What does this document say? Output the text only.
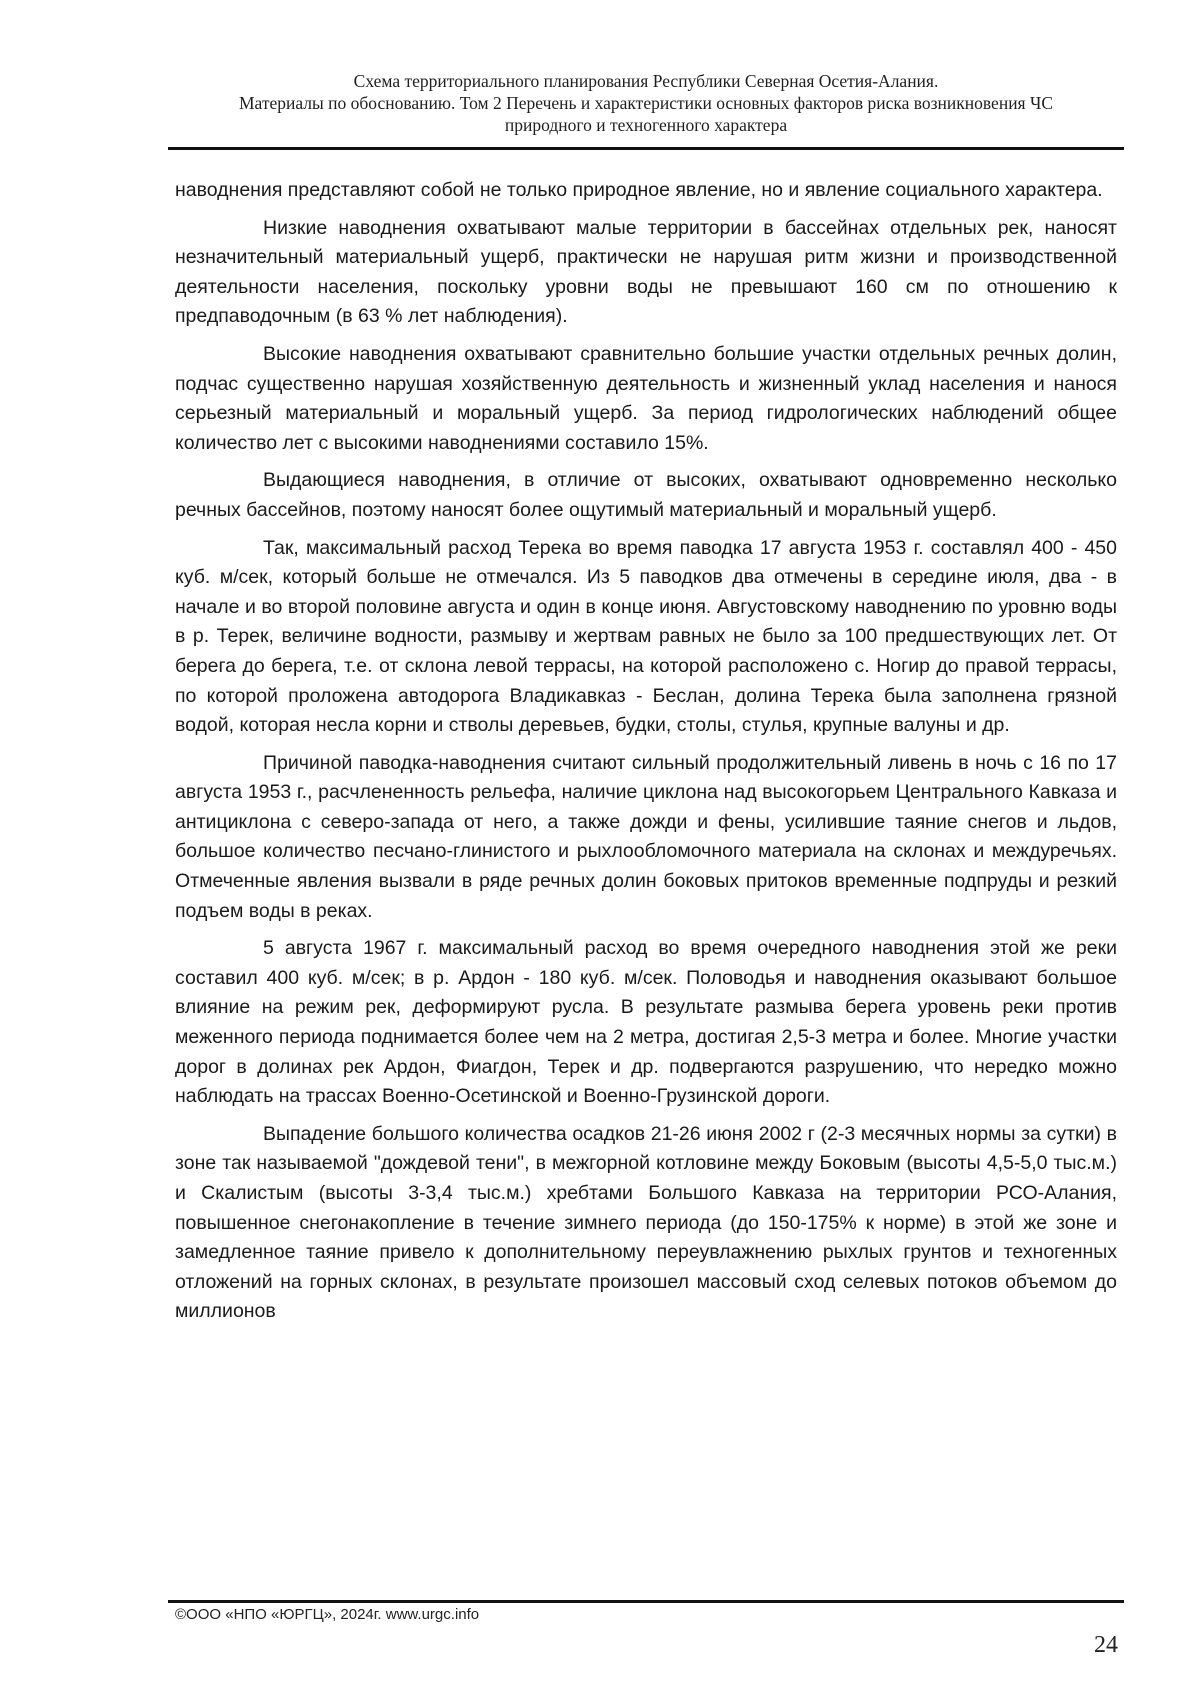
Схема территориального планирования Республики Северная Осетия-Алания.
Материалы по обоснованию. Том 2 Перечень и характеристики основных факторов риска возникновения ЧС
природного и техногенного характера

наводнения представляют собой не только природное явление, но и явление социального характера.

Низкие наводнения охватывают малые территории в бассейнах отдельных рек, наносят незначительный материальный ущерб, практически не нарушая ритм жизни и производственной деятельности населения, поскольку уровни воды не превышают 160 см по отношению к предпаводочным (в 63 % лет наблюдения).

Высокие наводнения охватывают сравнительно большие участки отдельных речных долин, подчас существенно нарушая хозяйственную деятельность и жизненный уклад населения и нанося серьезный материальный и моральный ущерб. За период гидрологических наблюдений общее количество лет с высокими наводнениями составило 15%.

Выдающиеся наводнения, в отличие от высоких, охватывают одновременно несколько речных бассейнов, поэтому наносят более ощутимый материальный и моральный ущерб.

Так, максимальный расход Терека во время паводка 17 августа 1953 г. составлял 400 - 450 куб. м/сек, который больше не отмечался. Из 5 паводков два отмечены в середине июля, два - в начале и во второй половине августа и один в конце июня. Августовскому наводнению по уровню воды в р. Терек, величине водности, размыву и жертвам равных не было за 100 предшествующих лет. От берега до берега, т.е. от склона левой террасы, на которой расположено с. Ногир до правой террасы, по которой проложена автодорога Владикавказ - Беслан, долина Терека была заполнена грязной водой, которая несла корни и стволы деревьев, будки, столы, стулья, крупные валуны и др.

Причиной паводка-наводнения считают сильный продолжительный ливень в ночь с 16 по 17 августа 1953 г., расчлененность рельефа, наличие циклона над высокогорьем Центрального Кавказа и антициклона с северо-запада от него, а также дожди и фены, усилившие таяние снегов и льдов, большое количество песчано-глинистого и рыхлообломочного материала на склонах и междуречьях. Отмеченные явления вызвали в ряде речных долин боковых притоков временные подпруды и резкий подъем воды в реках.

5 августа 1967 г. максимальный расход во время очередного наводнения этой же реки составил 400 куб. м/сек; в р. Ардон - 180 куб. м/сек. Половодья и наводнения оказывают большое влияние на режим рек, деформируют русла. В результате размыва берега уровень реки против меженного периода поднимается более чем на 2 метра, достигая 2,5-3 метра и более. Многие участки дорог в долинах рек Ардон, Фиагдон, Терек и др. подвергаются разрушению, что нередко можно наблюдать на трассах Военно-Осетинской и Военно-Грузинской дороги.

Выпадение большого количества осадков 21-26 июня 2002 г (2-3 месячных нормы за сутки) в зоне так называемой "дождевой тени", в межгорной котловине между Боковым (высоты 4,5-5,0 тыс.м.) и Скалистым (высоты 3-3,4 тыс.м.) хребтами Большого Кавказа на территории РСО-Алания, повышенное снегонакопление в течение зимнего периода (до 150-175% к норме) в этой же зоне и замедленное таяние привело к дополнительному переувлажнению рыхлых грунтов и техногенных отложений на горных склонах, в результате произошел массовый сход селевых потоков объемом до миллионов

©ООО «НПО «ЮРГЦ», 2024г. www.urgc.info
24
